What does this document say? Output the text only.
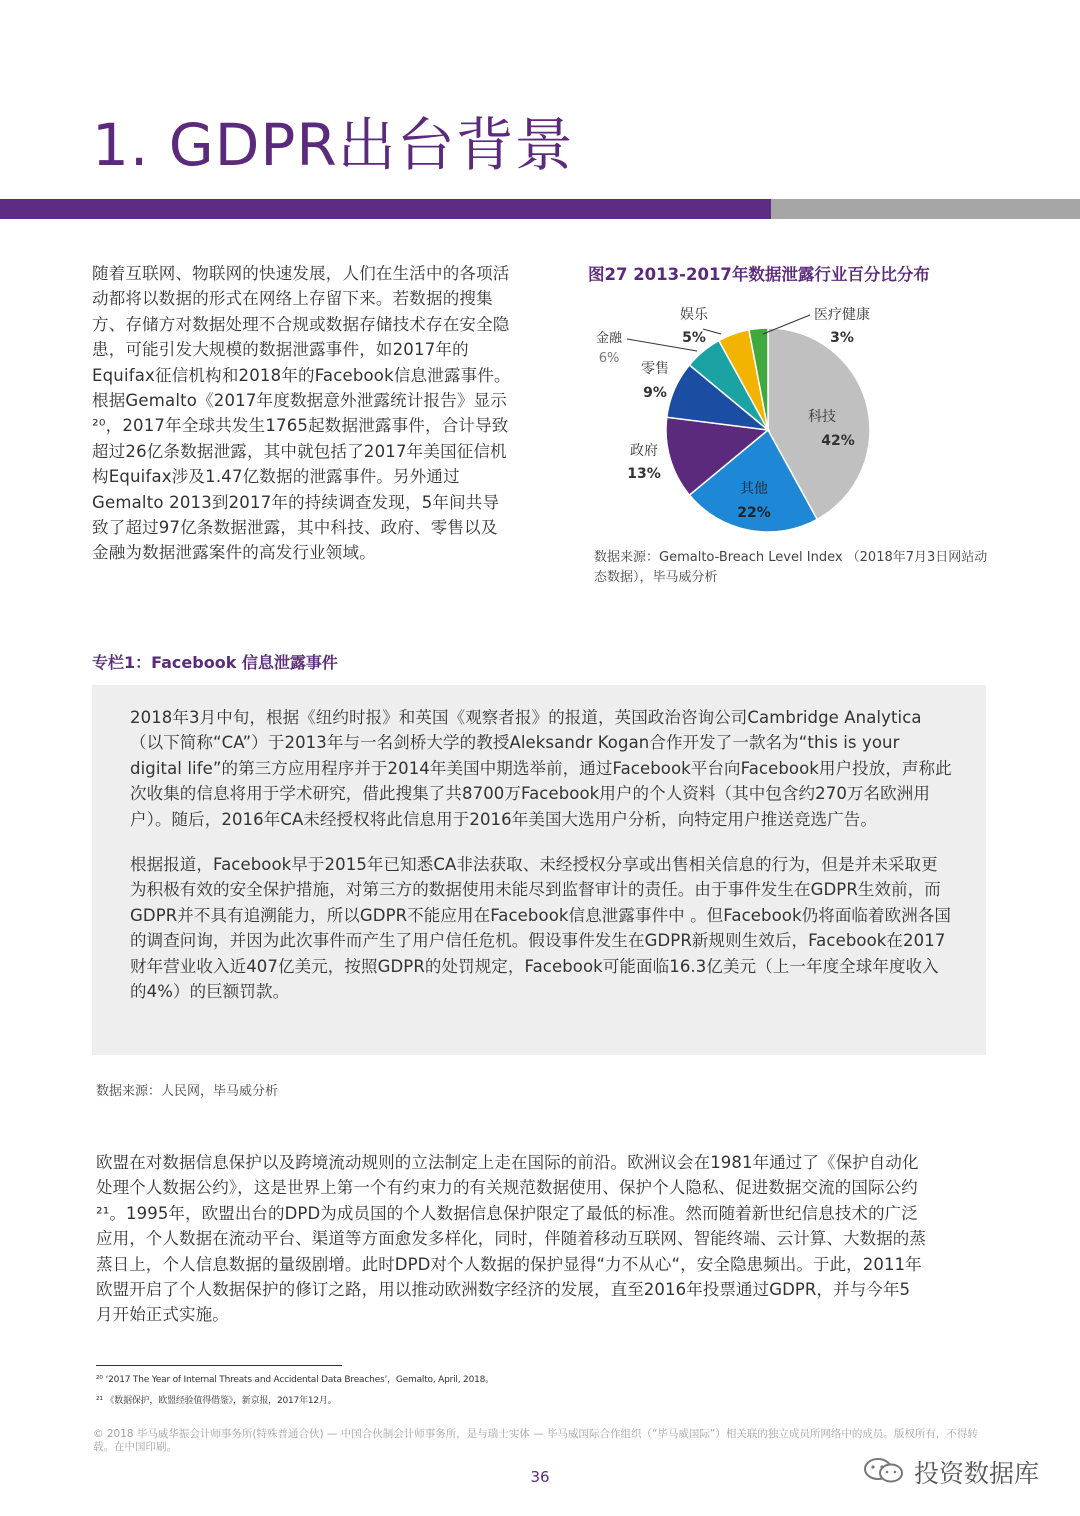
1. GDPR出台背景

随着互联网、物联网的快速发展，人们在生活中的各项活动都将以数据的形式在网络上存留下来。若数据的搜集方、存储方对数据处理不合规或数据存储技术存在安全隐患，可能引发大规模的数据泄露事件，如2017年的Equifax征信机构和2018年的Facebook信息泄露事件。根据Gemalto《2017年度数据意外泄露统计报告》显示²⁰，2017年全球共发生1765起数据泄露事件，合计导致超过26亿条数据泄露，其中就包括了2017年美国征信机构Equifax涉及1.47亿数据的泄露事件。另外通过Gemalto 2013到2017年的持续调查发现，5年间共导致了超过97亿条数据泄露，其中科技、政府、零售以及金融为数据泄露案件的高发行业领域。

图27 2013-2017年数据泄露行业百分比分布
科技
42%
其他
22%
政府
13%
零售
9%
金融
6%
娱乐
5%
医疗健康
3%
数据来源：Gemalto-Breach Level Index （2018年7月3日网站动态数据），毕马威分析
专栏1：Facebook 信息泄露事件

2018年3月中旬，根据《纽约时报》和英国《观察者报》的报道，英国政治咨询公司Cambridge Analytica（以下简称“CA”）于2013年与一名剑桥大学的教授Aleksandr Kogan合作开发了一款名为“this is your digital life”的第三方应用程序并于2014年美国中期选举前，通过Facebook平台向Facebook用户投放，声称此次收集的信息将用于学术研究，借此搜集了共8700万Facebook用户的个人资料（其中包含约270万名欧洲用户）。随后，2016年CA未经授权将此信息用于2016年美国大选用户分析，向特定用户推送竞选广告。

根据报道，Facebook早于2015年已知悉CA非法获取、未经授权分享或出售相关信息的行为，但是并未采取更为积极有效的安全保护措施，对第三方的数据使用未能尽到监督审计的责任。由于事件发生在GDPR生效前，而GDPR并不具有追溯能力，所以GDPR不能应用在Facebook信息泄露事件中 。但Facebook仍将面临着欧洲各国的调查问询，并因为此次事件而产生了用户信任危机。假设事件发生在GDPR新规则生效后，Facebook在2017财年营业收入近407亿美元，按照GDPR的处罚规定，Facebook可能面临16.3亿美元（上一年度全球年度收入的4%）的巨额罚款。

数据来源：人民网，毕马威分析

欧盟在对数据信息保护以及跨境流动规则的立法制定上走在国际的前沿。欧洲议会在1981年通过了《保护自动化处理个人数据公约》，这是世界上第一个有约束力的有关规范数据使用、保护个人隐私、促进数据交流的国际公约²¹。1995年，欧盟出台的DPD为成员国的个人数据信息保护限定了最低的标准。然而随着新世纪信息技术的广泛应用，个人数据在流动平台、渠道等方面愈发多样化，同时，伴随着移动互联网、智能终端、云计算、大数据的蒸蒸日上，个人信息数据的量级剧增。此时DPD对个人数据的保护显得“力不从心“，安全隐患频出。于此，2011年欧盟开启了个人数据保护的修订之路，用以推动欧洲数字经济的发展，直至2016年投票通过GDPR，并与今年5月开始正式实施。

²⁰ ‘2017 The Year of Internal Threats and Accidental Data Breaches’，Gemalto, April, 2018。
²¹ 《数据保护，欧盟经验值得借鉴》，新京报，2017年12月。
© 2018 毕马威华振会计师事务所(特殊普通合伙) — 中国合伙制会计师事务所，是与瑞士实体 — 毕马威国际合作组织（“毕马威国际”）相关联的独立成员所网络中的成员。版权所有，不得转载。在中国印刷。
36	投资数据库
